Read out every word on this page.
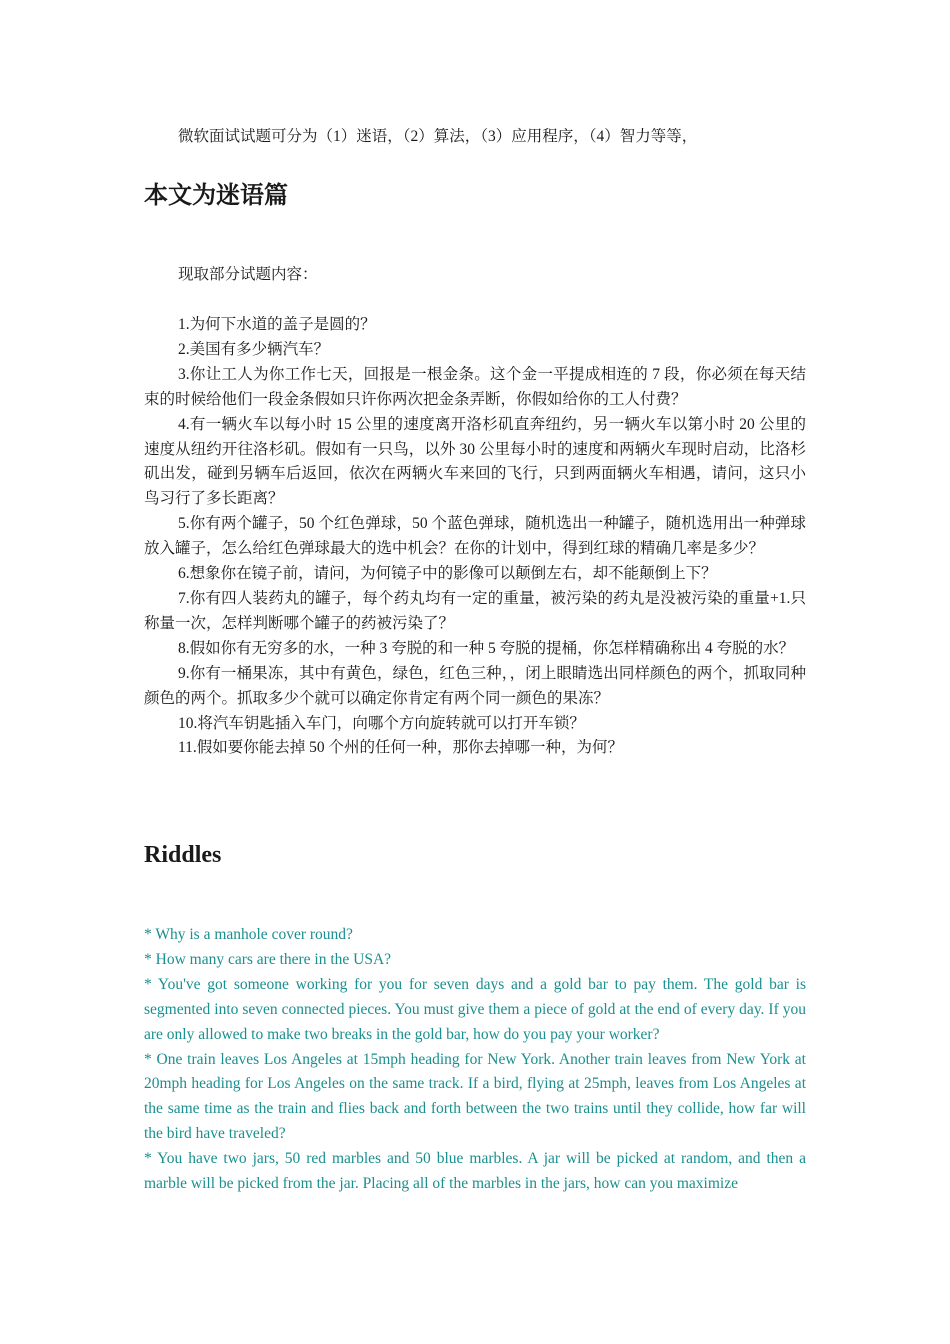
微软面试试题可分为（1）迷语，（2）算法，（3）应用程序，（4）智力等等，
本文为迷语篇
现取部分试题内容：

1.为何下水道的盖子是圆的？

2.美国有多少辆汽车？

3.你让工人为你工作七天，回报是一根金条。这个金一平提成相连的 7 段，你必须在每天结束的时候给他们一段金条假如只许你两次把金条弄断，你假如给你的工人付费？

4.有一辆火车以每小时 15 公里的速度离开洛杉矶直奔纽约，另一辆火车以第小时 20 公里的速度从纽约开往洛杉矶。假如有一只鸟，以外 30 公里每小时的速度和两辆火车现时启动，比洛杉矶出发，碰到另辆车后返回，依次在两辆火车来回的飞行，只到两面辆火车相遇，请问，这只小鸟习行了多长距离？

5.你有两个罐子，50 个红色弹球，50 个蓝色弹球，随机选出一种罐子，随机选用出一种弹球放入罐子，怎么给红色弹球最大的选中机会？在你的计划中，得到红球的精确几率是多少？

6.想象你在镜子前，请问，为何镜子中的影像可以颠倒左右，却不能颠倒上下？

7.你有四人装药丸的罐子，每个药丸均有一定的重量，被污染的药丸是没被污染的重量+1.只称量一次，怎样判断哪个罐子的药被污染了？

8.假如你有无穷多的水，一种 3 夸脱的和一种 5 夸脱的提桶，你怎样精确称出 4 夸脱的水？

9.你有一桶果冻，其中有黄色，绿色，红色三种，，闭上眼睛选出同样颜色的两个，抓取同种颜色的两个。抓取多少个就可以确定你肯定有两个同一颜色的果冻？

10.将汽车钥匙插入车门，向哪个方向旋转就可以打开车锁？

11.假如要你能去掉 50 个州的任何一种，那你去掉哪一种，为何？

Riddles

* Why is a manhole cover round?

* How many cars are there in the USA?

* You've got someone working for you for seven days and a gold bar to pay them. The gold bar is segmented into seven connected pieces. You must give them a piece of gold at the end of every day. If you are only allowed to make two breaks in the gold bar, how do you pay your worker?

* One train leaves Los Angeles at 15mph heading for New York. Another train leaves from New York at 20mph heading for Los Angeles on the same track. If a bird, flying at 25mph, leaves from Los Angeles at the same time as the train and flies back and forth between the two trains until they collide, how far will the bird have traveled?

* You have two jars, 50 red marbles and 50 blue marbles. A jar will be picked at random, and then a marble will be picked from the jar. Placing all of the marbles in the jars, how can you maximize
